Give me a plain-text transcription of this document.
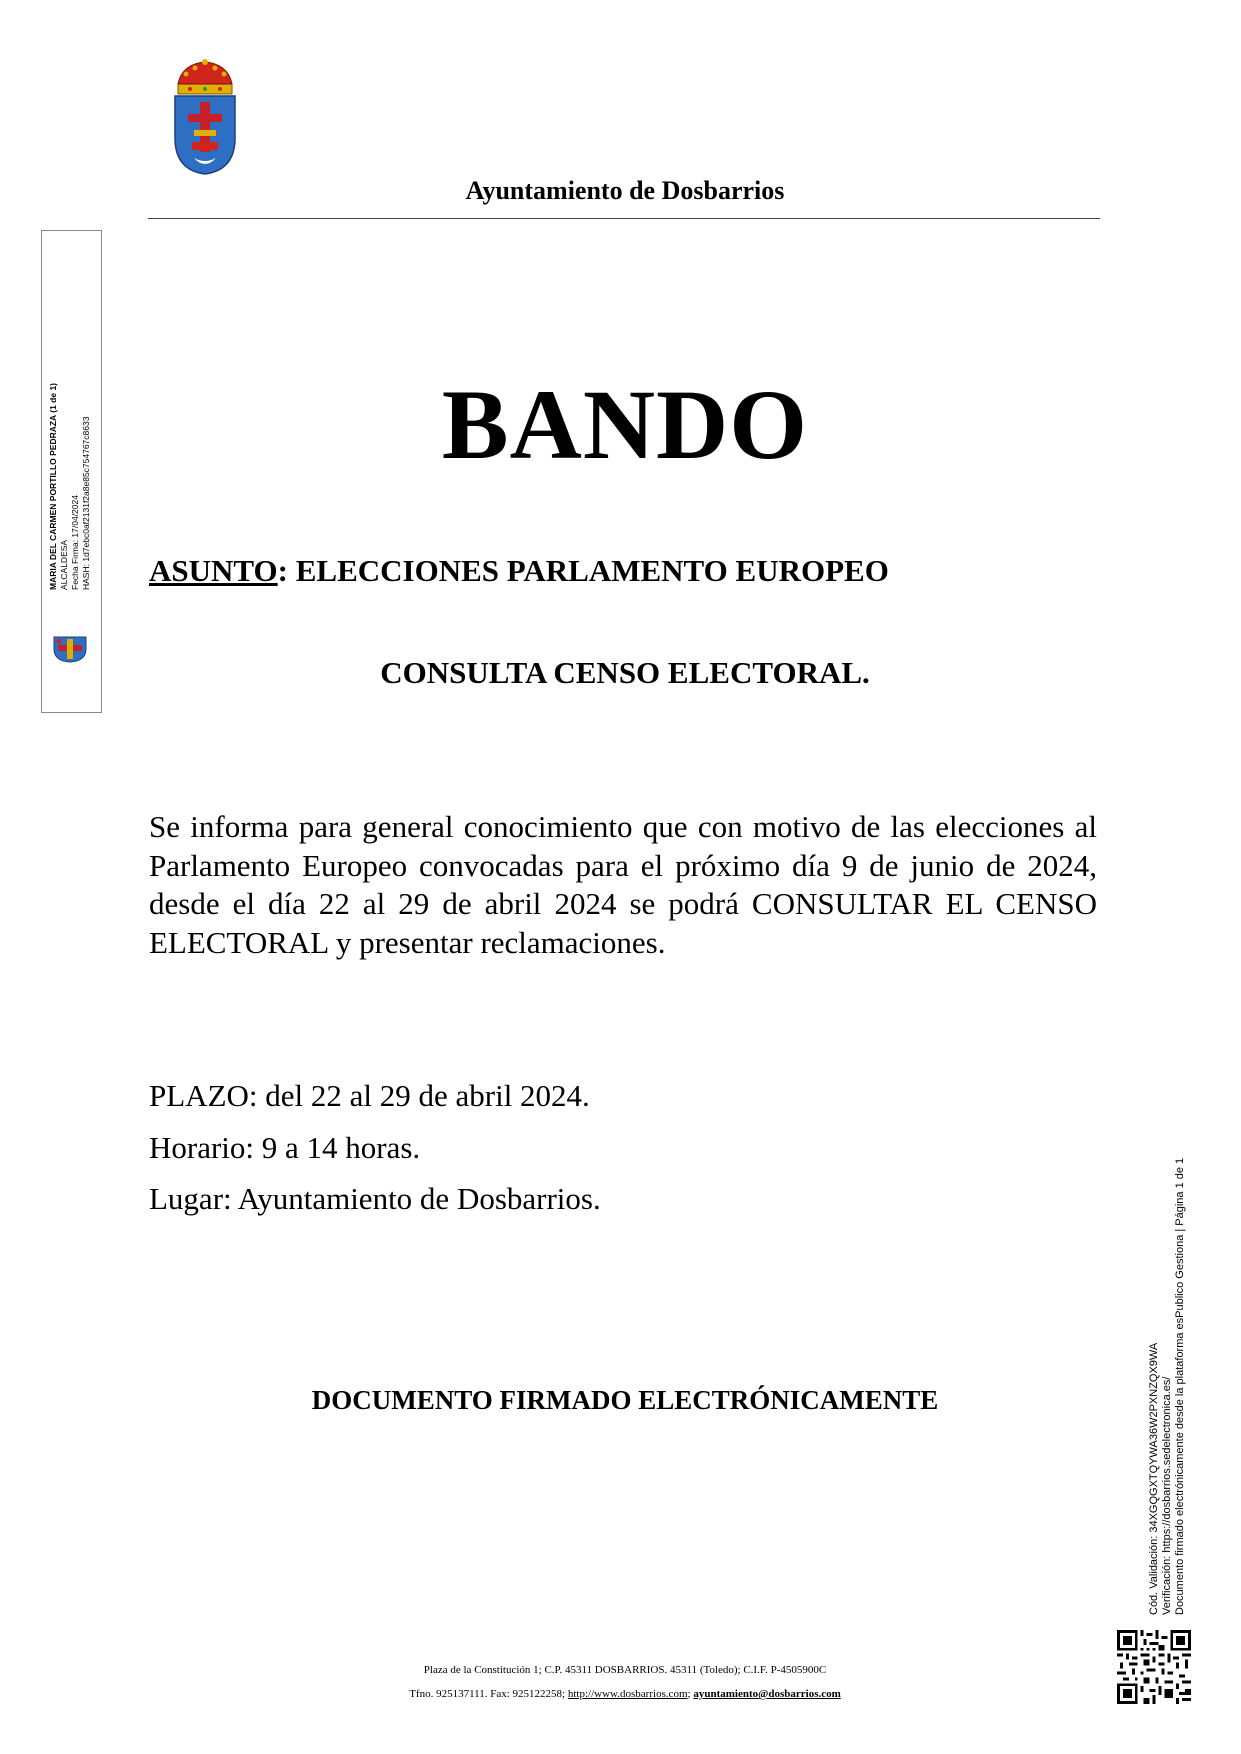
Ayuntamiento de Dosbarrios
MARIA DEL CARMEN PORTILLO PEDRAZA (1 de 1) ALCALDESA Fecha Firma: 17/04/2024 HASH: 1d7ebc0af2131f2a8e85c754767c8633	BANDO
ASUNTO: ELECCIONES PARLAMENTO EUROPEO
CONSULTA CENSO ELECTORAL.
Se informa para general conocimiento que con motivo de las elecciones al Parlamento Europeo convocadas para el próximo día 9 de junio de 2024, desde el día 22 al 29 de abril 2024 se podrá CONSULTAR EL CENSO ELECTORAL y presentar reclamaciones.
PLAZO: del 22 al 29 de abril 2024.
Horario: 9 a 14 horas.
Lugar: Ayuntamiento de Dosbarrios.
DOCUMENTO FIRMADO ELECTRÓNICAMENTE
Plaza de la Constitución 1; C.P. 45311 DOSBARRIOS. 45311 (Toledo); C.I.F. P-4505900C
Tfno. 925137111. Fax: 925122258; http://www.dosbarrios.com; ayuntamiento@dosbarrios.com
Cód. Validación: 34XGQGXTQYWA36W2PXNZQX9WA Verificación: https://dosbarrios.sedelectronica.es/ Documento firmado electrónicamente desde la plataforma esPublico Gestiona | Página 1 de 1
